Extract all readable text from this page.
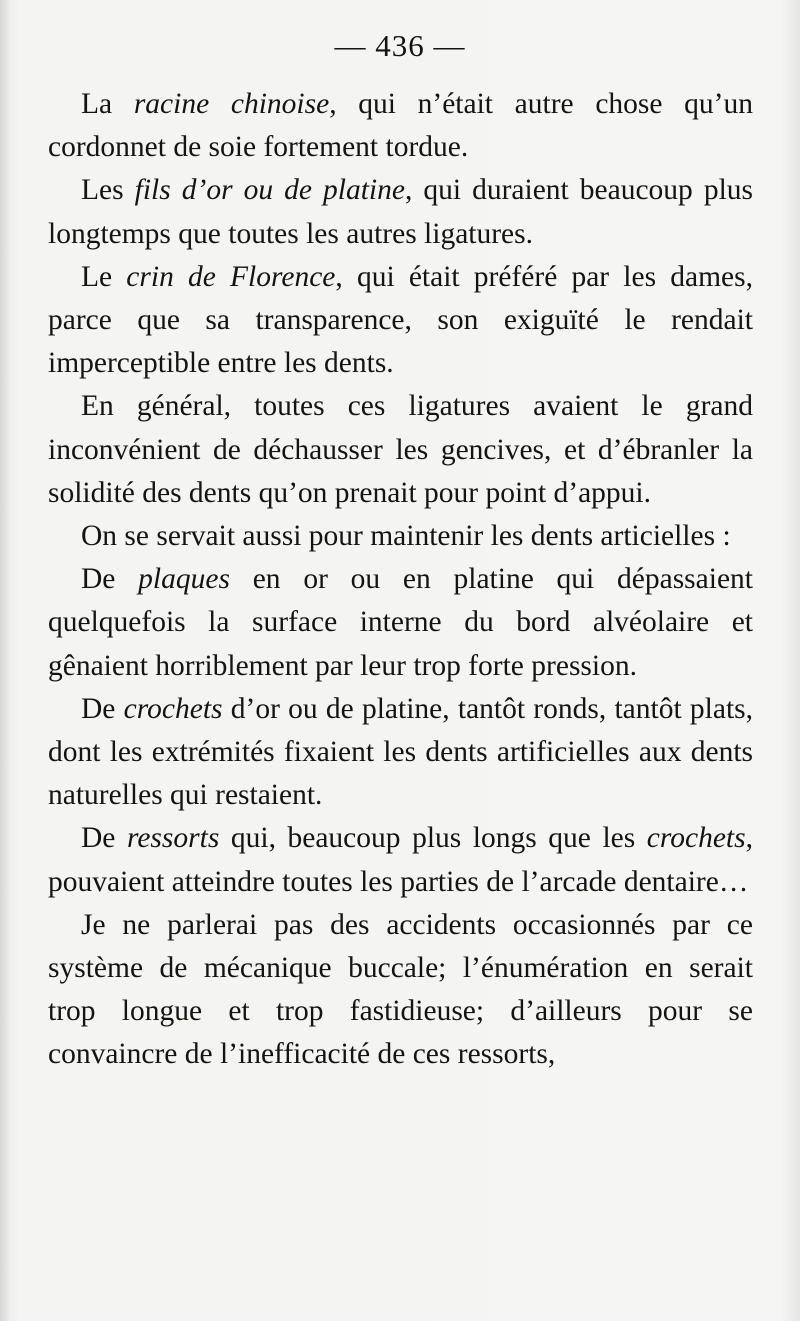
— 436 —

La racine chinoise, qui n’était autre chose qu’un cordonnet de soie fortement tordue.

Les fils d’or ou de platine, qui duraient beaucoup plus longtemps que toutes les autres ligatures.

Le crin de Florence, qui était préféré par les dames, parce que sa transparence, son exiguïté le rendait imperceptible entre les dents.

En général, toutes ces ligatures avaient le grand inconvénient de déchausser les gencives, et d’ébranler la solidité des dents qu’on prenait pour point d’appui.

On se servait aussi pour maintenir les dents articielles :

De plaques en or ou en platine qui dépassaient quelquefois la surface interne du bord alvéolaire et gênaient horriblement par leur trop forte pression.

De crochets d’or ou de platine, tantôt ronds, tantôt plats, dont les extrémités fixaient les dents artificielles aux dents naturelles qui restaient.

De ressorts qui, beaucoup plus longs que les crochets, pouvaient atteindre toutes les parties de l’arcade dentaire…

Je ne parlerai pas des accidents occasionnés par ce système de mécanique buccale; l’énumération en serait trop longue et trop fastidieuse; d’ailleurs pour se convaincre de l’inefficacité de ces ressorts,
